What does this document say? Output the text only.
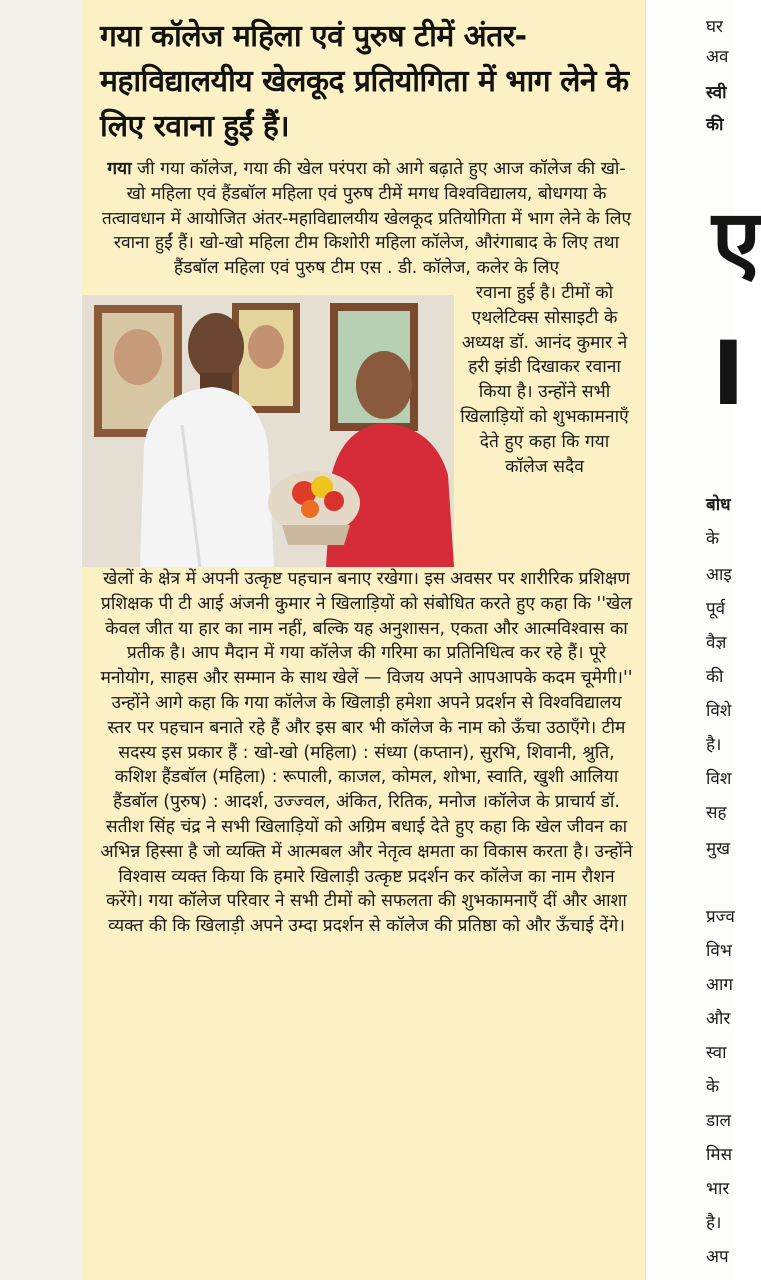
गया कॉलेज महिला एवं पुरुष टीमें अंतर-महाविद्यालयीय खेलकूद प्रतियोगिता में भाग लेने के लिए रवाना हुईं हैं।

गया जी गया कॉलेज, गया की खेल परंपरा को आगे बढ़ाते हुए आज कॉलेज की खो-खो महिला एवं हैंडबॉल महिला एवं पुरुष टीमें मगध विश्वविद्यालय, बोधगया के तत्वावधान में आयोजित अंतर-महाविद्यालयीय खेलकूद प्रतियोगिता में भाग लेने के लिए रवाना हुईं हैं। खो-खो महिला टीम किशोरी महिला कॉलेज, औरंगाबाद के लिए तथा हैंडबॉल महिला एवं पुरुष टीम एस . डी. कॉलेज, कलेर के लिए

रवाना हुई है। टीमों को एथलेटिक्स सोसाइटी के अध्यक्ष डॉ. आनंद कुमार ने हरी झंडी दिखाकर रवाना किया है। उन्होंने सभी खिलाड़ियों को शुभकामनाएँ देते हुए कहा कि गया कॉलेज सदैव

खेलों के क्षेत्र में अपनी उत्कृष्ट पहचान बनाए रखेगा। इस अवसर पर शारीरिक प्रशिक्षण प्रशिक्षक पी टी आई अंजनी कुमार ने खिलाड़ियों को संबोधित करते हुए कहा कि ''खेल केवल जीत या हार का नाम नहीं, बल्कि यह अनुशासन, एकता और आत्मविश्वास का प्रतीक है। आप मैदान में गया कॉलेज की गरिमा का प्रतिनिधित्व कर रहे हैं। पूरे मनोयोग, साहस और सम्मान के साथ खेलें — विजय अपने आपआपके कदम चूमेगी।'' उन्होंने आगे कहा कि गया कॉलेज के खिलाड़ी हमेशा अपने प्रदर्शन से विश्वविद्यालय स्तर पर पहचान बनाते रहे हैं और इस बार भी कॉलेज के नाम को ऊँचा उठाएँगे। टीम सदस्य इस प्रकार हैं : खो-खो (महिला) : संध्या (कप्तान), सुरभि, शिवानी, श्रुति, कशिश हैंडबॉल (महिला) : रूपाली, काजल, कोमल, शोभा, स्वाति, खुशी आलिया हैंडबॉल (पुरुष) : आदर्श, उज्ज्वल, अंकित, रितिक, मनोज ।कॉलेज के प्राचार्य डॉ. सतीश सिंह चंद्र ने सभी खिलाड़ियों को अग्रिम बधाई देते हुए कहा कि खेल जीवन का अभिन्न हिस्सा है जो व्यक्ति में आत्मबल और नेतृत्व क्षमता का विकास करता है। उन्होंने विश्वास व्यक्त किया कि हमारे खिलाड़ी उत्कृष्ट प्रदर्शन कर कॉलेज का नाम रौशन करेंगे। गया कॉलेज परिवार ने सभी टीमों को सफलता की शुभकामनाएँ दीं और आशा व्यक्त की कि खिलाड़ी अपने उम्दा प्रदर्शन से कॉलेज की प्रतिष्ठा को और ऊँचाई देंगे।

घर
अव
स्वी
की
ए
I
बोध
के
आइ
पूर्व
वैज्ञ
की
विशे
है।
विश
सह
मुख
प्रज्व
विभ
आग
और
स्वा
के
डाल
मिस
भार
है।
अप
